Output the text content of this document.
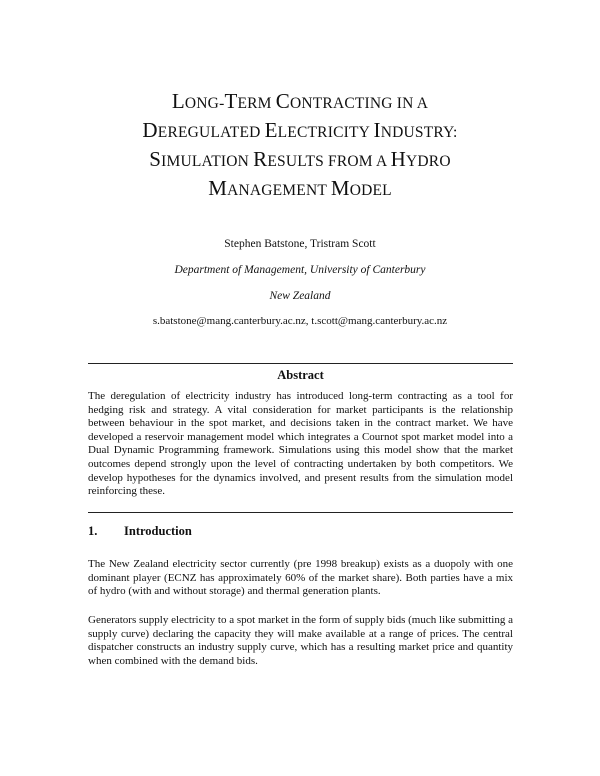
LONG-TERM CONTRACTING IN A
DEREGULATED ELECTRICITY INDUSTRY:
SIMULATION RESULTS FROM A HYDRO
MANAGEMENT MODEL
Stephen Batstone, Tristram Scott
Department of Management, University of Canterbury
New Zealand
s.batstone@mang.canterbury.ac.nz, t.scott@mang.canterbury.ac.nz
Abstract
The deregulation of electricity industry has introduced long-term contracting as a tool for hedging risk and strategy. A vital consideration for market participants is the relationship between behaviour in the spot market, and decisions taken in the contract market. We have developed a reservoir management model which integrates a Cournot spot market model into a Dual Dynamic Programming framework. Simulations using this model show that the market outcomes depend strongly upon the level of contracting undertaken by both competitors. We develop hypotheses for the dynamics involved, and present results from the simulation model reinforcing these.
1. Introduction
The New Zealand electricity sector currently (pre 1998 breakup) exists as a duopoly with one dominant player (ECNZ has approximately 60% of the market share). Both parties have a mix of hydro (with and without storage) and thermal generation plants.
Generators supply electricity to a spot market in the form of supply bids (much like submitting a supply curve) declaring the capacity they will make available at a range of prices. The central dispatcher constructs an industry supply curve, which has a resulting market price and quantity when combined with the demand bids.
